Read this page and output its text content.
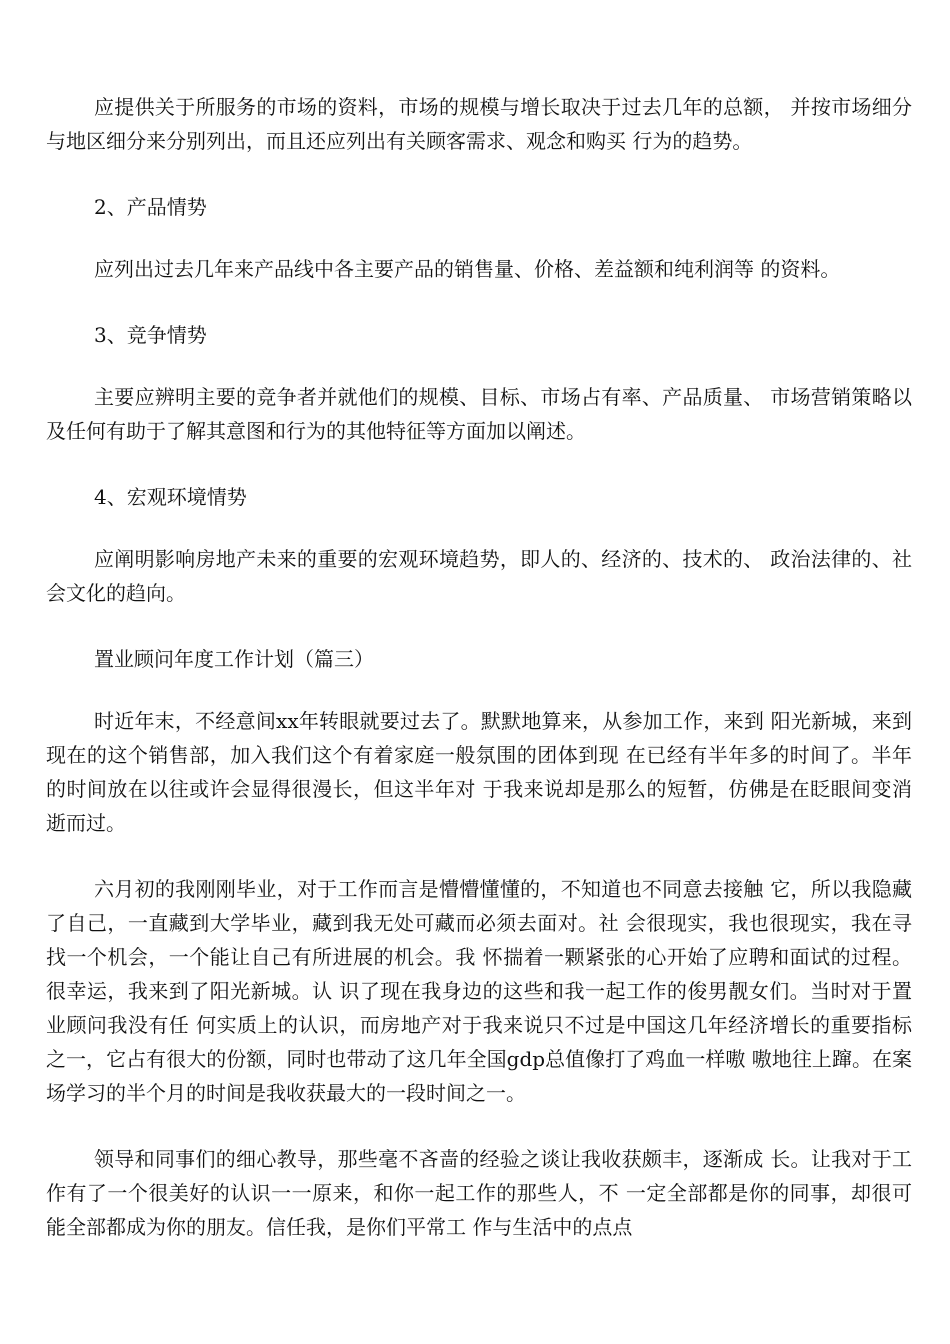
应提供关于所服务的市场的资料，市场的规模与增长取决于过去几年的总额， 并按市场细分与地区细分来分别列出，而且还应列出有关顾客需求、观念和购买 行为的趋势。

2、产品情势

应列出过去几年来产品线中各主要产品的销售量、价格、差益额和纯利润等 的资料。

3、竞争情势

主要应辨明主要的竞争者并就他们的规模、目标、市场占有率、产品质量、 市场营销策略以及任何有助于了解其意图和行为的其他特征等方面加以阐述。

4、宏观环境情势

应阐明影响房地产未来的重要的宏观环境趋势，即人的、经济的、技术的、 政治法律的、社会文化的趋向。

置业顾问年度工作计划（篇三）

时近年末，不经意间xx年转眼就要过去了。默默地算来，从参加工作，来到 阳光新城，来到现在的这个销售部，加入我们这个有着家庭一般氛围的团体到现 在已经有半年多的时间了。半年的时间放在以往或许会显得很漫长，但这半年对 于我来说却是那么的短暂，仿佛是在眨眼间变消逝而过。

六月初的我刚刚毕业，对于工作而言是懵懵懂懂的，不知道也不同意去接触 它，所以我隐藏了自己，一直藏到大学毕业，藏到我无处可藏而必须去面对。社 会很现实，我也很现实，我在寻找一个机会，一个能让自己有所进展的机会。我 怀揣着一颗紧张的心开始了应聘和面试的过程。很幸运，我来到了阳光新城。认 识了现在我身边的这些和我一起工作的俊男靓女们。当时对于置业顾问我没有任 何实质上的认识，而房地产对于我来说只不过是中国这几年经济增长的重要指标 之一，它占有很大的份额，同时也带动了这几年全国gdp总值像打了鸡血一样嗷 嗷地往上蹿。在案场学习的半个月的时间是我收获最大的一段时间之一。

领导和同事们的细心教导，那些毫不吝啬的经验之谈让我收获颇丰，逐渐成 长。让我对于工作有了一个很美好的认识一一原来，和你一起工作的那些人，不 一定全部都是你的同事，却很可能全部都成为你的朋友。信任我，是你们平常工 作与生活中的点点
